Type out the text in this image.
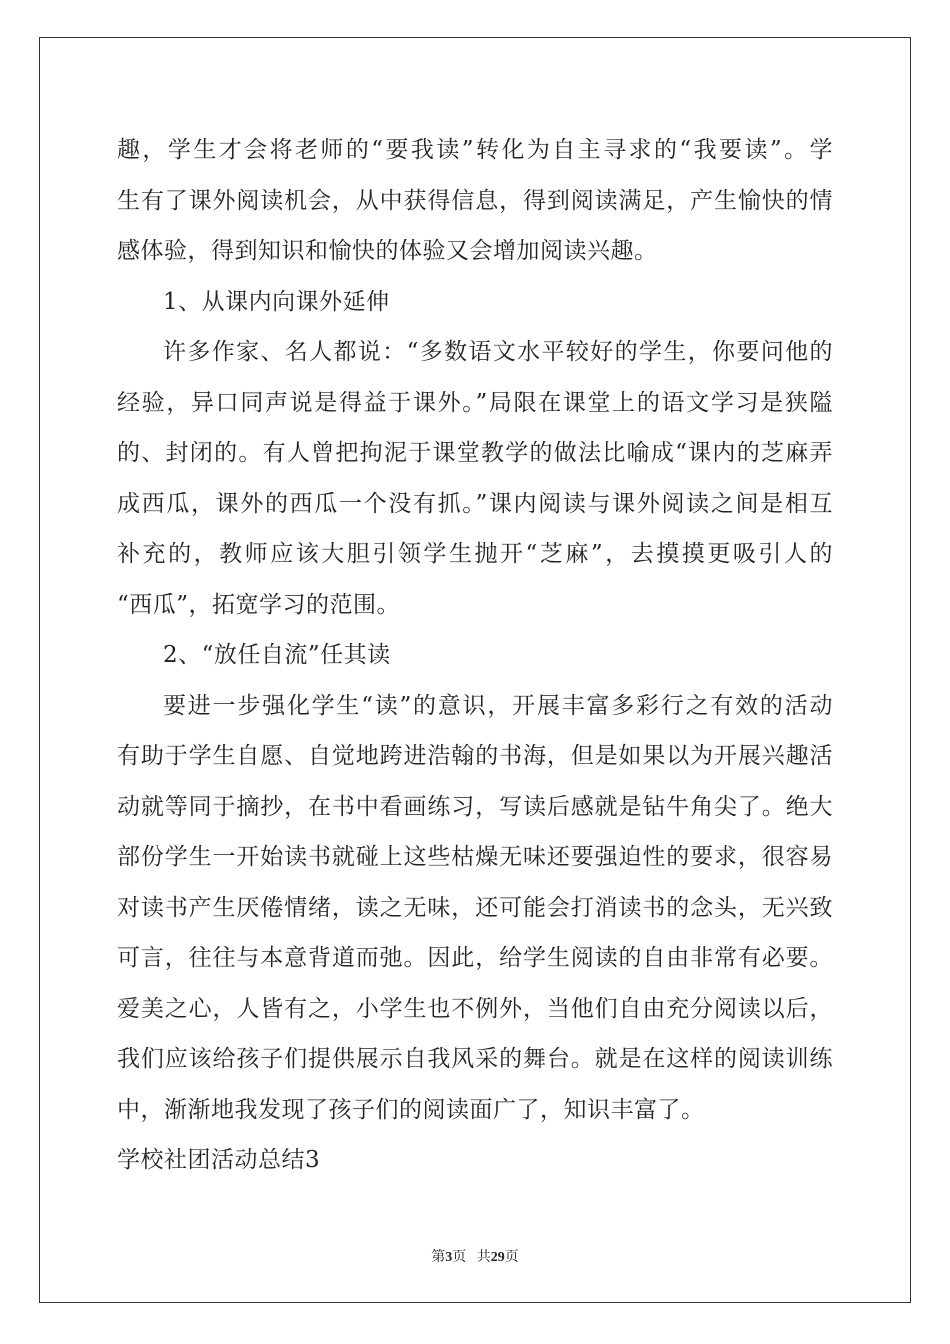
趣，学生才会将老师的“要我读”转化为自主寻求的“我要读”。学
生有了课外阅读机会，从中获得信息，得到阅读满足，产生愉快的情
感体验，得到知识和愉快的体验又会增加阅读兴趣。
1、从课内向课外延伸
许多作家、名人都说：“多数语文水平较好的学生，你要问他的
经验，异口同声说是得益于课外。”局限在课堂上的语文学习是狭隘
的、封闭的。有人曾把拘泥于课堂教学的做法比喻成“课内的芝麻弄
成西瓜，课外的西瓜一个没有抓。”课内阅读与课外阅读之间是相互
补充的，教师应该大胆引领学生抛开“芝麻”，去摸摸更吸引人的
“西瓜”，拓宽学习的范围。
2、“放任自流”任其读
要进一步强化学生“读”的意识，开展丰富多彩行之有效的活动
有助于学生自愿、自觉地跨进浩翰的书海，但是如果以为开展兴趣活
动就等同于摘抄，在书中看画练习，写读后感就是钻牛角尖了。绝大
部份学生一开始读书就碰上这些枯燥无味还要强迫性的要求，很容易
对读书产生厌倦情绪，读之无味，还可能会打消读书的念头，无兴致
可言，往往与本意背道而弛。因此，给学生阅读的自由非常有必要。
爱美之心，人皆有之，小学生也不例外，当他们自由充分阅读以后，
我们应该给孩子们提供展示自我风采的舞台。就是在这样的阅读训练
中，渐渐地我发现了孩子们的阅读面广了，知识丰富了。
学校社团活动总结3
第3页 共29页
